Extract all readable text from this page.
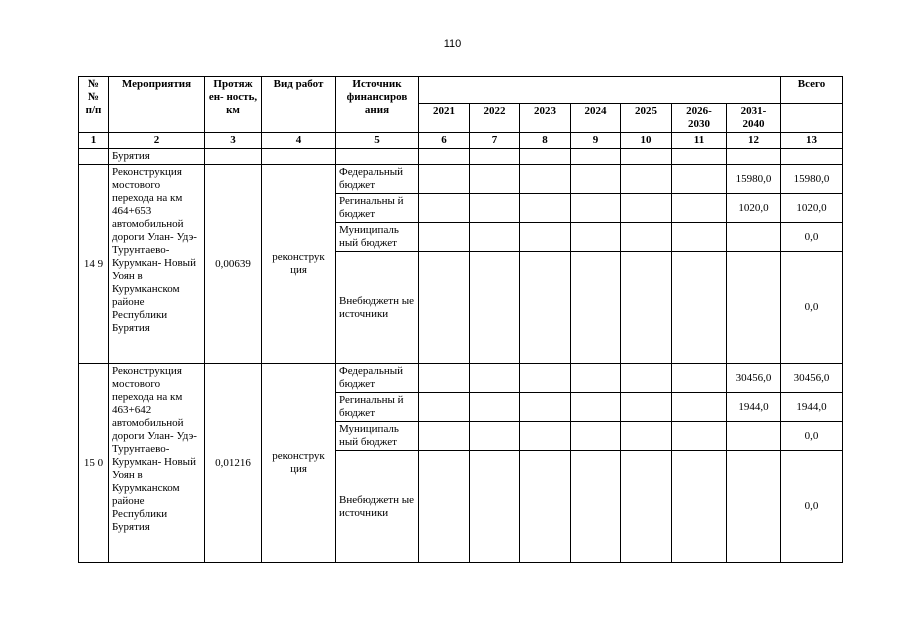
110
№ № п/п	Мероприятия	Протяж ен- ность, км	Вид работ	Источник финансиров ания								Всего
					2021	2022	2023	2024	2025	2026- 2030	2031- 2040	
1	2	3	4	5	6	7	8	9	10	11	12	13
	Бурятия											
14 9	Реконструкция мостового перехода на км 464+653 автомобильной дороги Улан- Удэ- Турунтаево- Курумкан- Новый Уоян в Курумканском районе Республики Бурятия	0,00639	реконструк ция	Федеральный бюджет							15980,0	15980,0
				Регинальны й бюджет							1020,0	1020,0
				Муниципаль ный бюджет								0,0
				Внебюджетн ые источники								0,0
15 0	Реконструкция мостового перехода на км 463+642 автомобильной дороги Улан- Удэ- Турунтаево- Курумкан- Новый Уоян в Курумканском районе Республики Бурятия	0,01216	реконструк ция	Федеральный бюджет							30456,0	30456,0
				Регинальны й бюджет							1944,0	1944,0
				Муниципаль ный бюджет								0,0
				Внебюджетн ые источники								0,0
